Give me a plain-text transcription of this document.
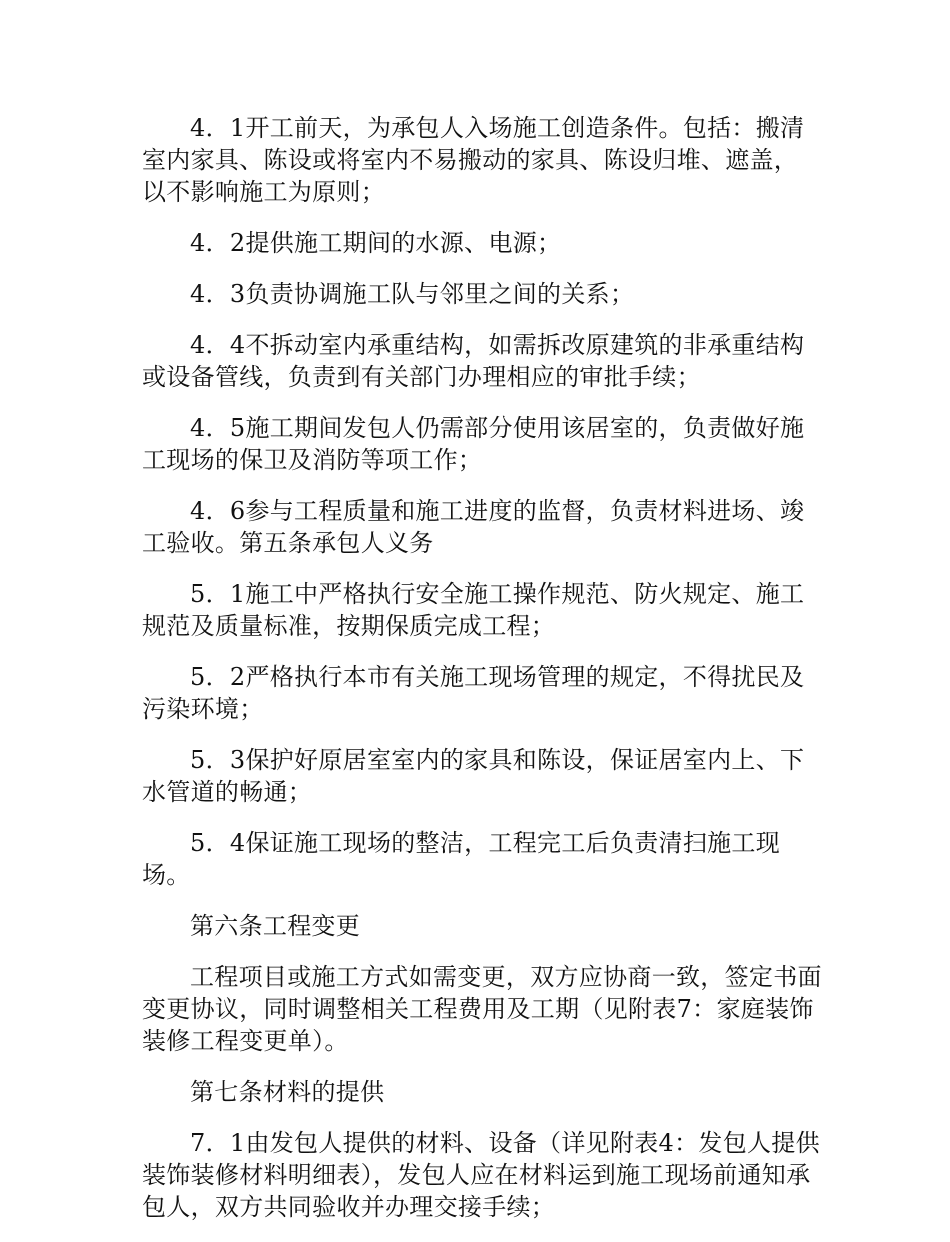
4．1开工前天，为承包人入场施工创造条件。包括：搬清室内家具、陈设或将室内不易搬动的家具、陈设归堆、遮盖，以不影响施工为原则；

4．2提供施工期间的水源、电源；

4．3负责协调施工队与邻里之间的关系；

4．4不拆动室内承重结构，如需拆改原建筑的非承重结构或设备管线，负责到有关部门办理相应的审批手续；

4．5施工期间发包人仍需部分使用该居室的，负责做好施工现场的保卫及消防等项工作；

4．6参与工程质量和施工进度的监督，负责材料进场、竣工验收。第五条承包人义务

5．1施工中严格执行安全施工操作规范、防火规定、施工规范及质量标准，按期保质完成工程；

5．2严格执行本市有关施工现场管理的规定，不得扰民及污染环境；

5．3保护好原居室室内的家具和陈设，保证居室内上、下水管道的畅通；

5．4保证施工现场的整洁，工程完工后负责清扫施工现场。

第六条工程变更

工程项目或施工方式如需变更，双方应协商一致，签定书面变更协议，同时调整相关工程费用及工期（见附表7：家庭装饰装修工程变更单）。

第七条材料的提供

7．1由发包人提供的材料、设备（详见附表4：发包人提供装饰装修材料明细表），发包人应在材料运到施工现场前通知承包人，双方共同验收并办理交接手续；
